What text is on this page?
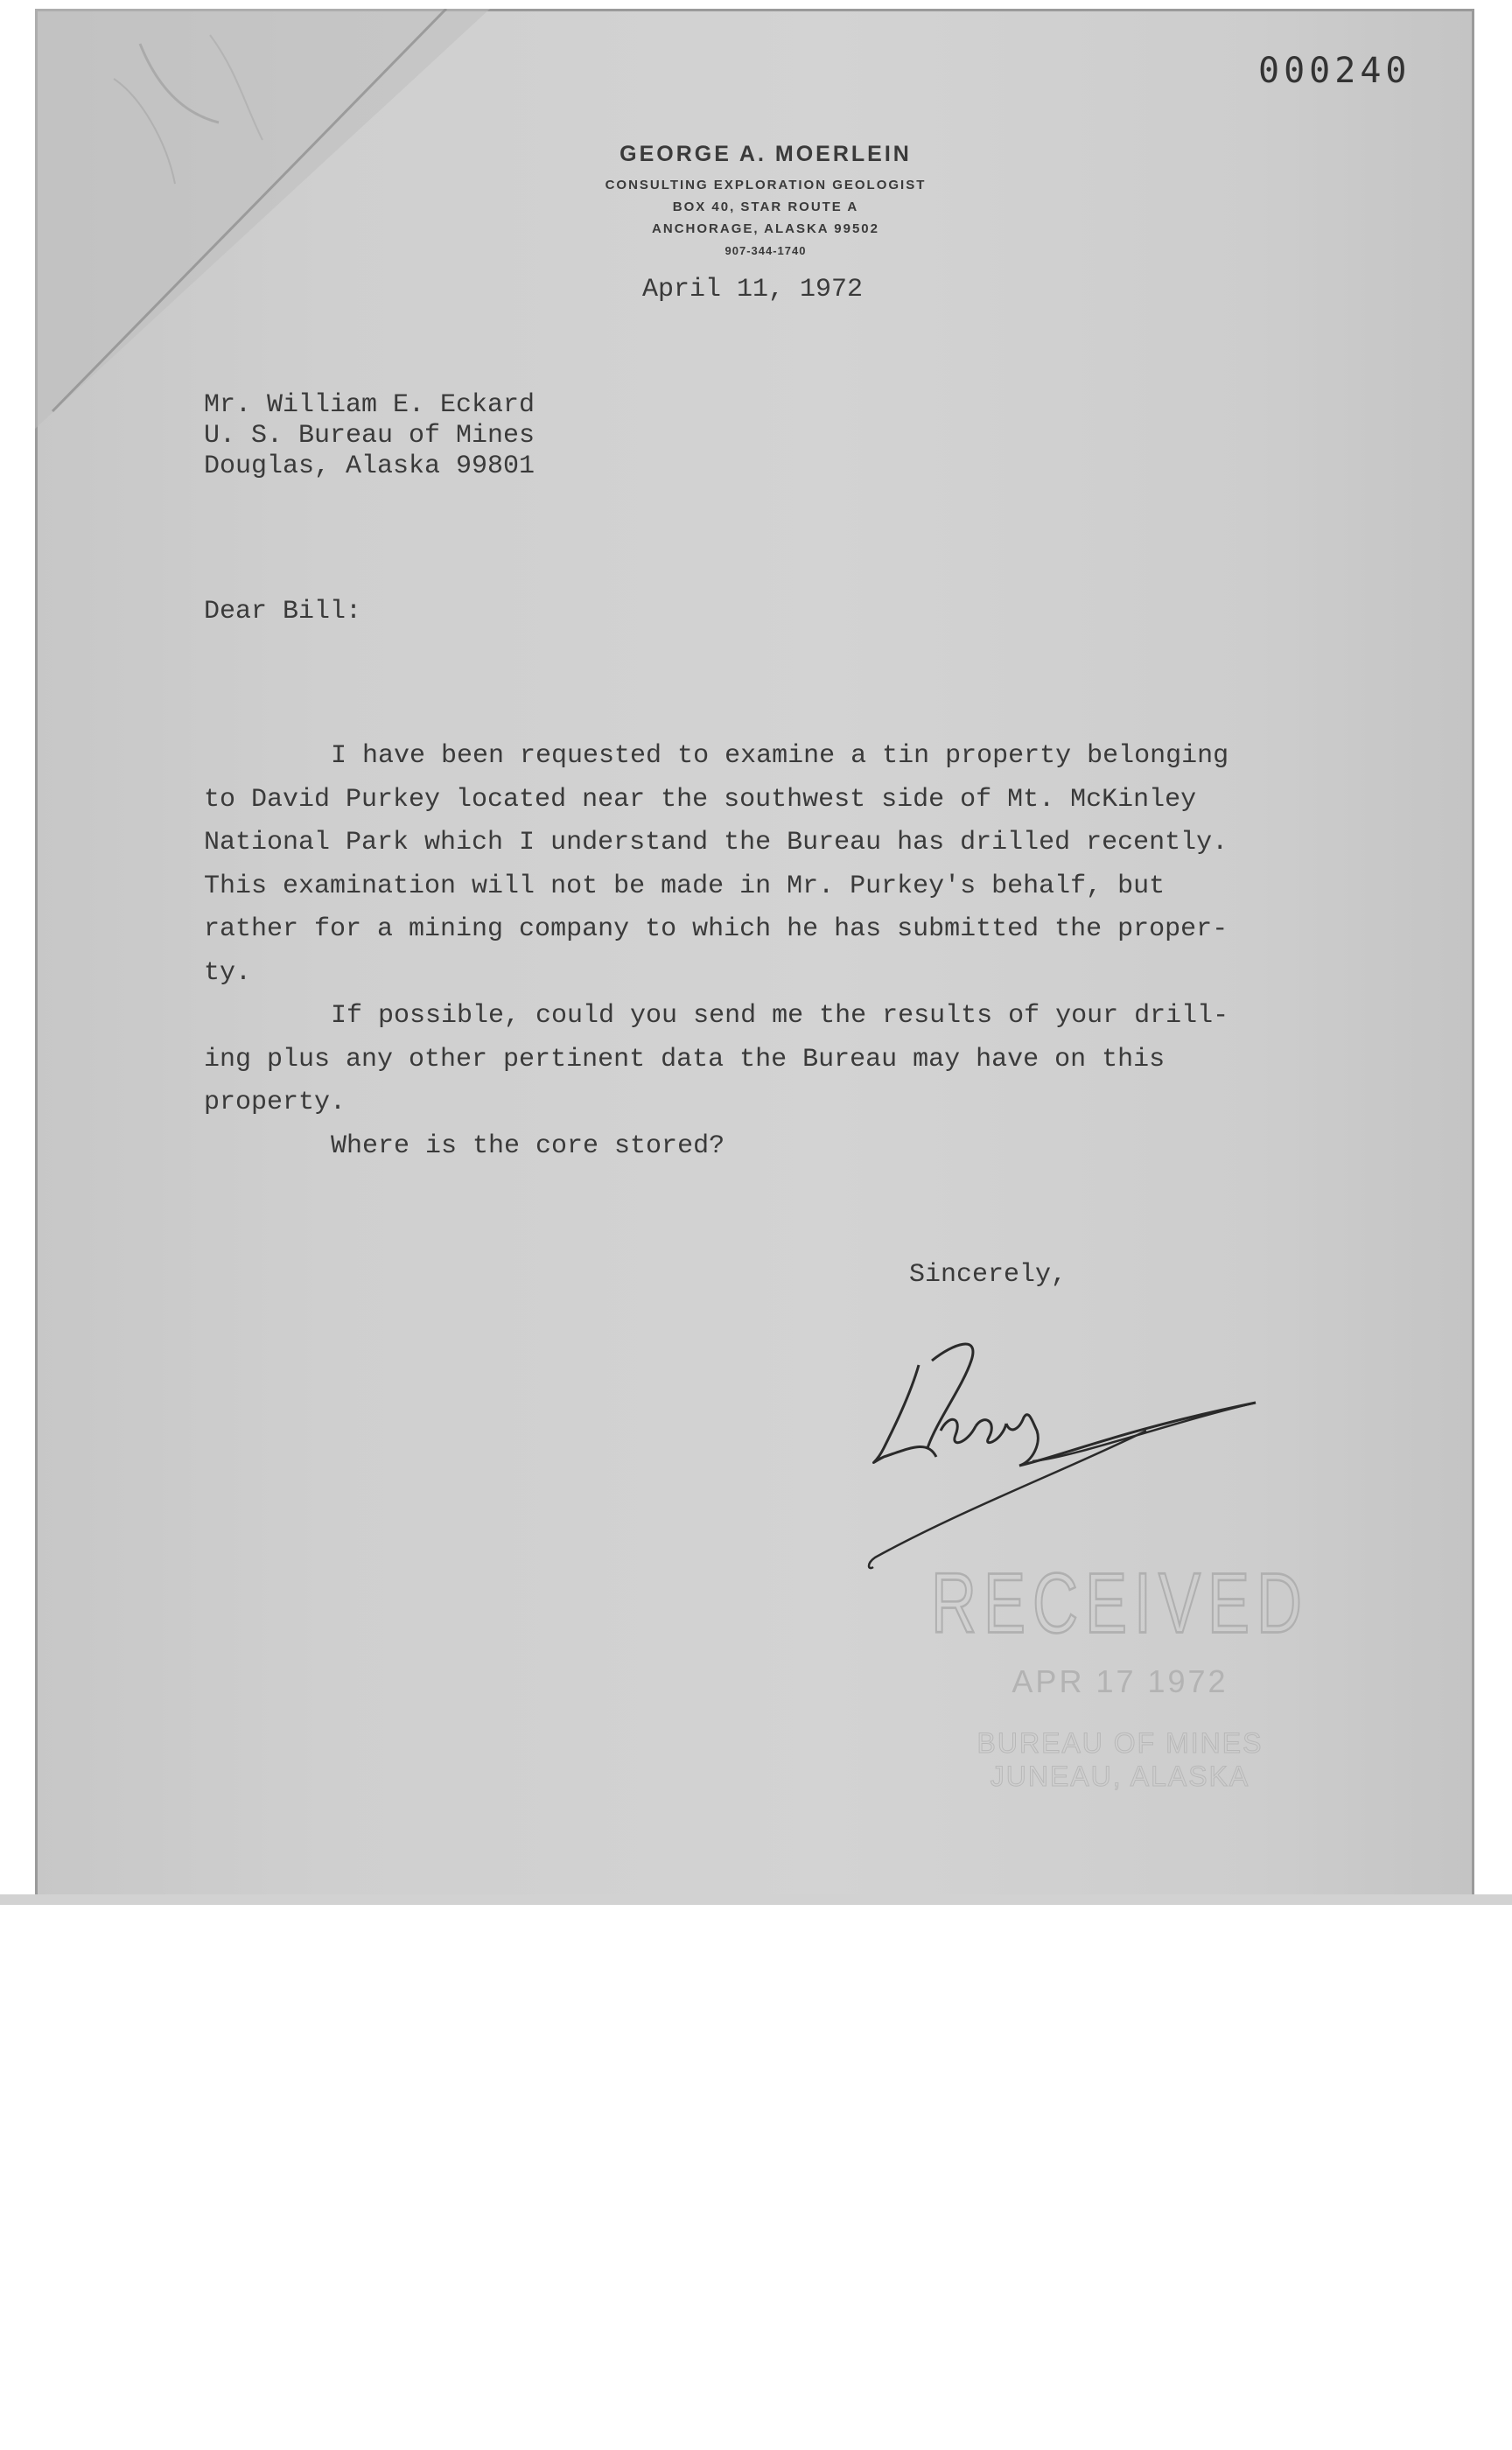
000240
GEORGE A. MOERLEIN
CONSULTING EXPLORATION GEOLOGIST
BOX 40, STAR ROUTE A
ANCHORAGE, ALASKA 99502
907-344-1740
April 11, 1972
Mr. William E. Eckard
U. S. Bureau of Mines
Douglas, Alaska 99801
Dear Bill:
I have been requested to examine a tin property belonging
to David Purkey located near the southwest side of Mt. McKinley
National Park which I understand the Bureau has drilled recently.
This examination will not be made in Mr. Purkey's behalf, but
rather for a mining company to which he has submitted the proper-
ty.
If possible, could you send me the results of your drill-
ing plus any other pertinent data the Bureau may have on this
property.
Where is the core stored?
Sincerely,
RECEIVED
APR 17 1972
BUREAU OF MINES
JUNEAU, ALASKA
